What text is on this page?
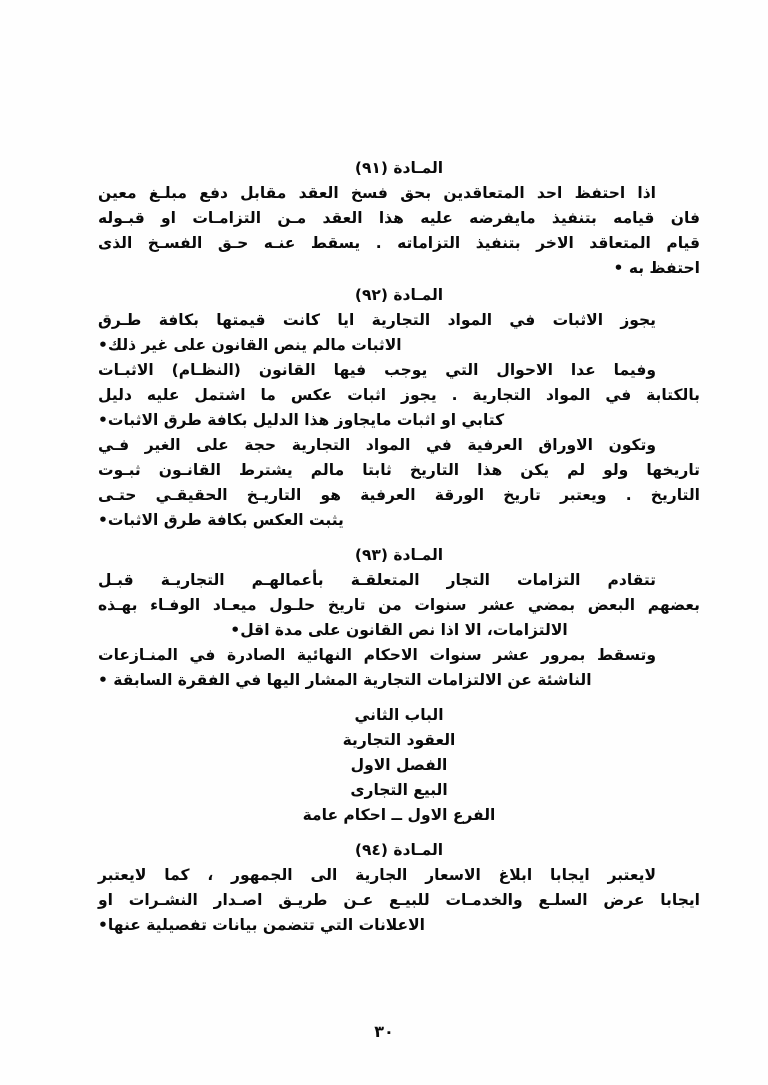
المـادة (٩١)

اذا احتفظ احد المتعاقدين بحق فسخ العقد مقابل دفع مبلـغ معين
فان قيامه بتنفيذ مايفرضه عليه هذا العقد مـن التزامـات او قبـوله
قيام المتعاقد الاخر بتنفيذ التزاماته . يسقط عنـه حـق الفسـخ الذى
احتفظ به •

المـادة (٩٢)

يجوز الاثبات في المواد التجارية ايا كانت قيمتها بكافة طـرق
الاثبات مالم ينص القانون على غير ذلك•

وفيما عدا الاحوال التي يوجب فيها القانون (النظـام) الاثبـات
بالكتابة في المواد التجارية . يجوز اثبات عكس ما اشتمل عليه دليل
كتابي او اثبات مايجاوز هذا الدليل بكافة طرق الاثبات•

وتكون الاوراق العرفية في المواد التجارية حجة على الغير فـي
تاريخها ولو لم يكن هذا التاريخ ثابتا مالم يشترط القانـون ثبـوت
التاريخ . ويعتبر تاريخ الورقة العرفية هو التاريـخ الحقيقـي حتـى
يثبت العكس بكافة طرق الاثبات•

المـادة (٩٣)

تتقادم التزامات التجار المتعلقـة بأعمالهـم التجاريـة قبـل
بعضهم البعض بمضي عشر سنوات من تاريخ حلـول ميعـاد الوفـاء بهـذه
الالتزامات، الا اذا نص القانون على مدة اقل•

وتسقط بمرور عشر سنوات الاحكام النهائية الصادرة في المنـازعات
الناشئة عن الالتزامات التجارية المشار اليها في الفقرة السابقة •

الباب الثاني
العقود التجارية
الفصل الاول
البيع التجارى
الفرع الاول ــ احكام عامة
المـادة (٩٤)

لايعتبر ايجابا ابلاغ الاسعار الجارية الى الجمهور ، كما لايعتبر
ايجابا عرض السلـع والخدمـات للبيـع عـن طريـق اصـدار النشـرات او
الاعلانات التي تتضمن بيانات تفصيلية عنها•

٣٠
